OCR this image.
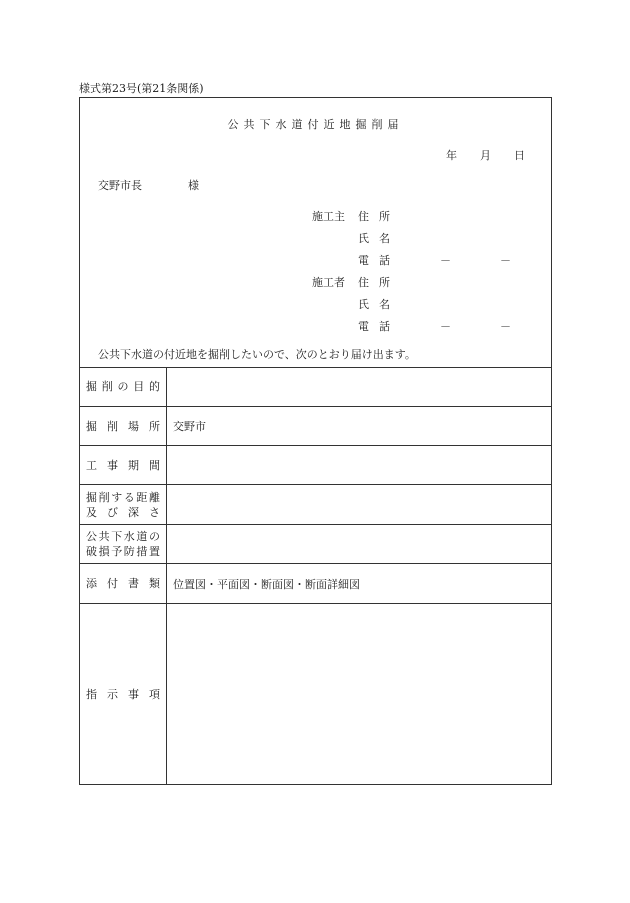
様式第23号(第21条関係)
公共下水道付近地掘削届
年 月 日
交野市長	様
施工主 住所
氏名
電話	－	－
施工者 住所
氏名
電話	－	－
公共下水道の付近地を掘削したいので、次のとおり届け出ます。
掘削の目的
掘削場所 交野市
工事期間
掘削する距離
及び深さ
公共下水道の
破損予防措置
添付書類 位置図・平面図・断面図・断面詳細図
指示事項
